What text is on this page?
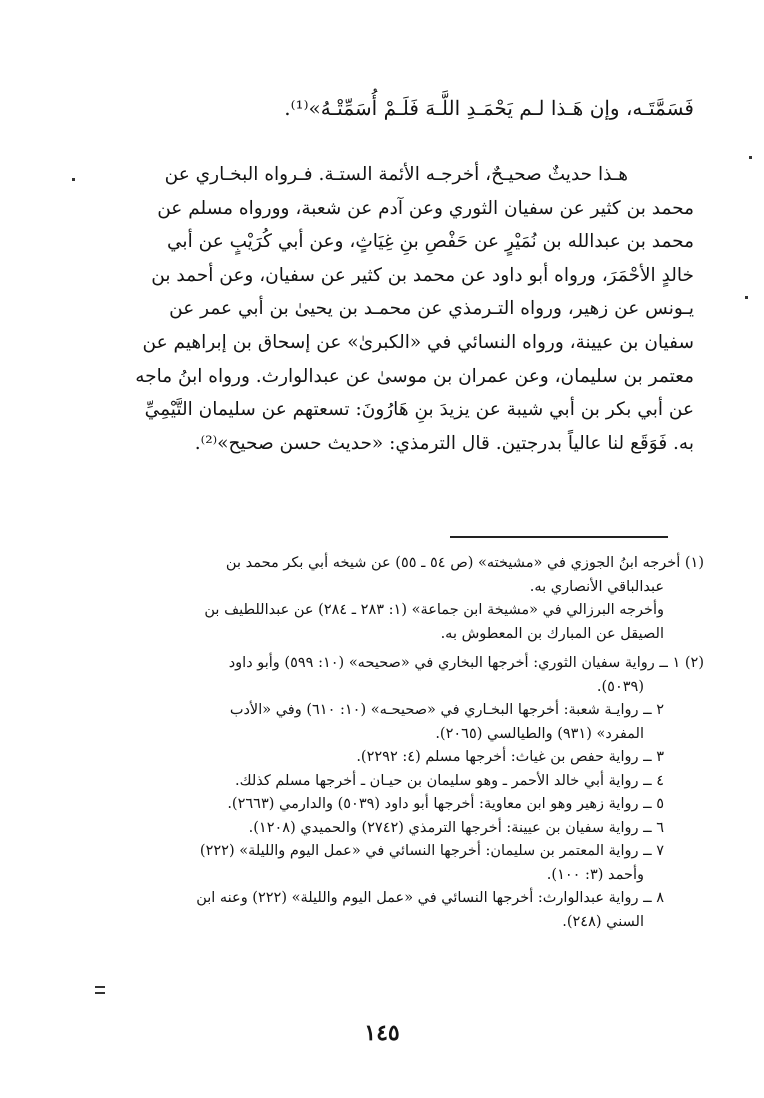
فَسَمَّتَـه، وإن هَـذا لـم يَحْمَـدِ اللَّـهَ فَلَـمْ أُسَمِّتْـهُ»⁽¹⁾.
هـذا حديثٌ صحيـحٌ، أخرجـه الأئمة الستـة. فـرواه البخـاري عن
محمد بن كثير عن سفيان الثوري وعن آدم عن شعبة، وورواه مسلم عن
محمد بن عبدالله بن نُمَيْرٍ عن حَفْصِ بنِ غِيَاثٍ، وعن أبي كُرَيْبٍ عن أبي
خالدٍ الأحْمَرَ، ورواه أبو داود عن محمد بن كثير عن سفيان، وعن أحمد بن
يـونس عن زهير، ورواه التـرمذي عن محمـد بن يحيىٰ بن أبي عمر عن
سفيان بن عيينة، ورواه النسائي في «الكبرىٰ» عن إسحاق بن إبراهيم عن
معتمر بن سليمان، وعن عمران بن موسىٰ عن عبدالوارث. ورواه ابنُ ماجه
عن أبي بكر بن أبي شيبة عن يزيدَ بنِ هَارُونَ: تسعتهم عن سليمان التَّيْمِيِّ
به. فَوَقَع لنا عالياً بدرجتين. قال الترمذي: «حديث حسن صحيح»⁽²⁾.
(١) أخرجه ابنُ الجوزي في «مشيخته» (ص ٥٤ ـ ٥٥) عن شيخه أبي بكر محمد بن
عبدالباقي الأنصاري به.
وأخرجه البرزالي في «مشيخة ابن جماعة» (١: ٢٨٣ ـ ٢٨٤) عن عبداللطيف بن
الصيقل عن المبارك بن المعطوش به.
(٢) ١ ــ رواية سفيان الثوري: أخرجها البخاري في «صحيحه» (١٠: ٥٩٩) وأبو داود
(٥٠٣٩).
٢ ــ روايـة شعبة: أخرجها البخـاري في «صحيحـه» (١٠: ٦١٠) وفي «الأدب
المفرد» (٩٣١) والطيالسي (٢٠٦٥).
٣ ــ رواية حفص بن غياث: أخرجها مسلم (٤: ٢٢٩٢).
٤ ــ رواية أبي خالد الأحمر ـ وهو سليمان بن حيـان ـ أخرجها مسلم كذلك.
٥ ــ رواية زهير وهو ابن معاوية: أخرجها أبو داود (٥٠٣٩) والدارمي (٢٦٦٣).
٦ ــ رواية سفيان بن عيينة: أخرجها الترمذي (٢٧٤٢) والحميدي (١٢٠٨).
٧ ــ رواية المعتمر بن سليمان: أخرجها النسائي في «عمل اليوم والليلة» (٢٢٢)
وأحمد (٣: ١٠٠).
٨ ــ رواية عبدالوارث: أخرجها النسائي في «عمل اليوم والليلة» (٢٢٢) وعنه ابن
السني (٢٤٨).
١٤٥
